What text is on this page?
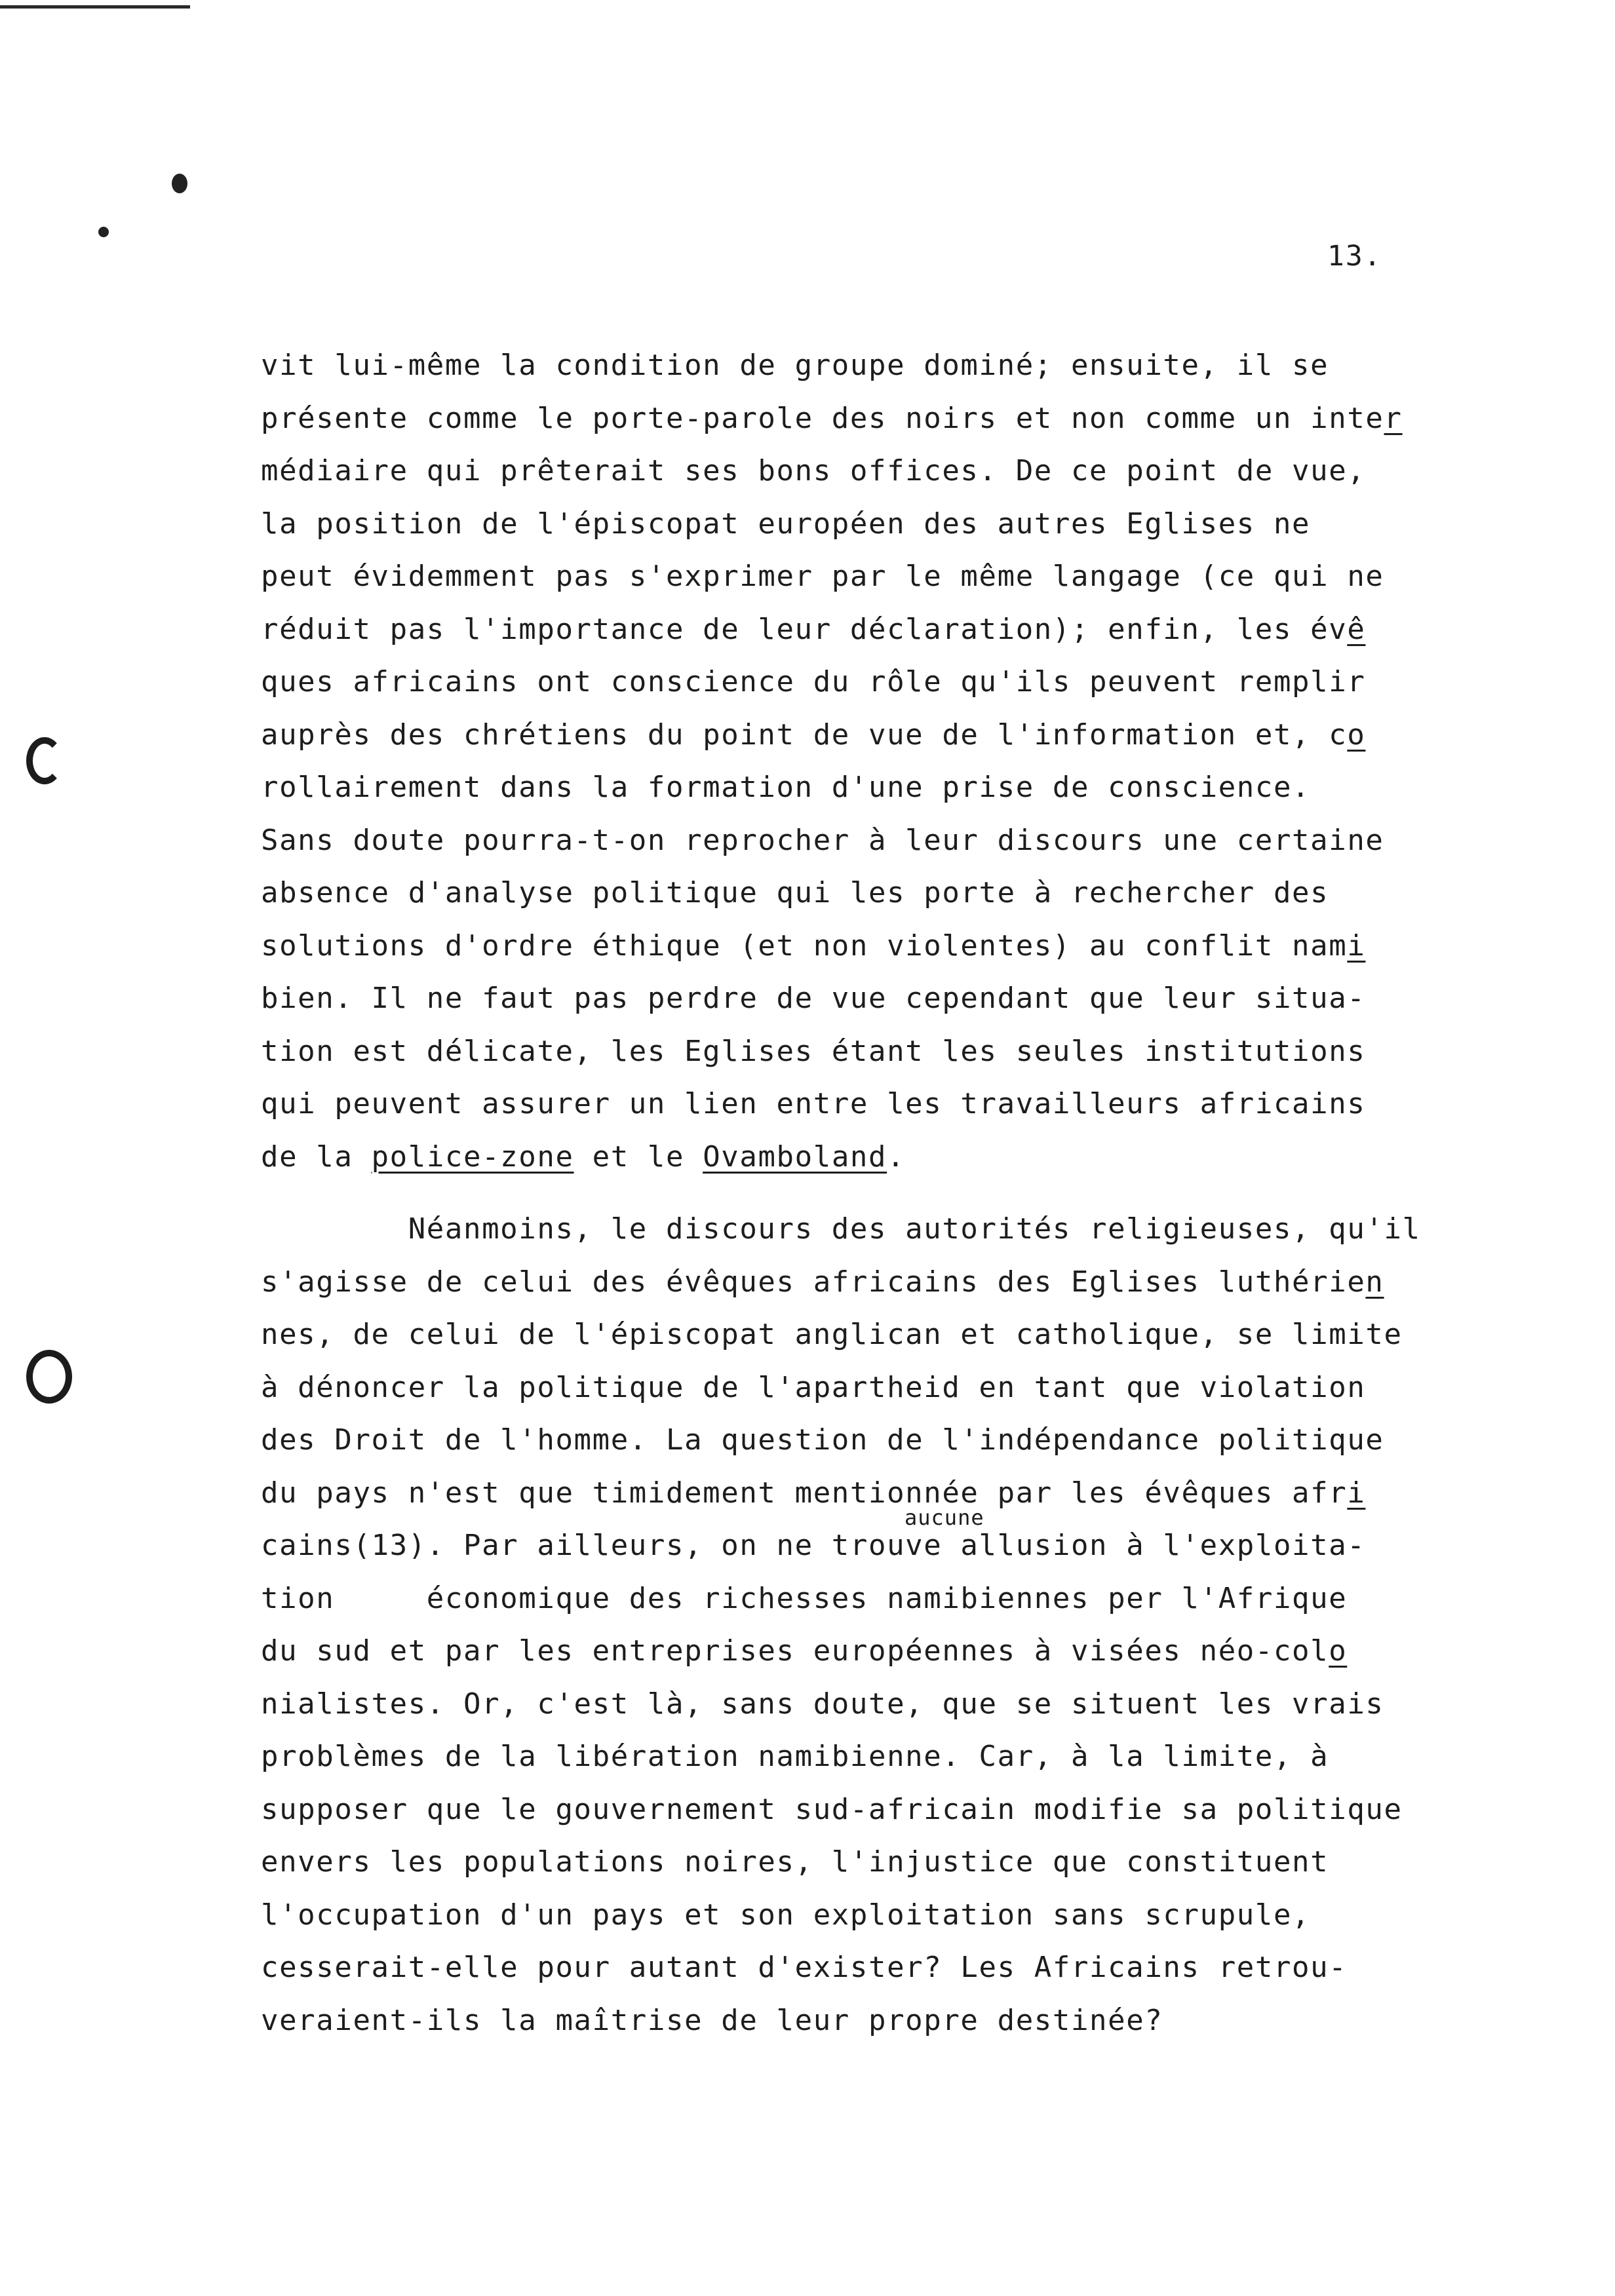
13.
vit lui-même la condition de groupe dominé; ensuite, il se
présente comme le porte-parole des noirs et non comme un inter
médiaire qui prêterait ses bons offices. De ce point de vue,
la position de l'épiscopat européen des autres Eglises ne
peut évidemment pas s'exprimer par le même langage (ce qui ne
réduit pas l'importance de leur déclaration); enfin, les évê
ques africains ont conscience du rôle qu'ils peuvent remplir
auprès des chrétiens du point de vue de l'information et, co
rollairement dans la formation d'une prise de conscience.
Sans doute pourra-t-on reprocher à leur discours une certaine
absence d'analyse politique qui les porte à rechercher des
solutions d'ordre éthique (et non violentes) au conflit nami
bien. Il ne faut pas perdre de vue cependant que leur situa-
tion est délicate, les Eglises étant les seules institutions
qui peuvent assurer un lien entre les travailleurs africains
de la police-zone et le Ovamboland.
Néanmoins, le discours des autorités religieuses, qu'il
s'agisse de celui des évêques africains des Eglises luthérien
nes, de celui de l'épiscopat anglican et catholique, se limite
à dénoncer la politique de l'apartheid en tant que violation
des Droit de l'homme. La question de l'indépendance politique
du pays n'est que timidement mentionnée par les évêques afri
cains(13). Par ailleurs, on ne trouve allusion à l'exploita-
tion     économique des richesses namibiennes per l'Afrique
du sud et par les entreprises européennes à visées néo-colo
nialistes. Or, c'est là, sans doute, que se situent les vrais
problèmes de la libération namibienne. Car, à la limite, à
supposer que le gouvernement sud-africain modifie sa politique
envers les populations noires, l'injustice que constituent
l'occupation d'un pays et son exploitation sans scrupule,
cesserait-elle pour autant d'exister? Les Africains retrou-
veraient-ils la maîtrise de leur propre destinée?
aucune
